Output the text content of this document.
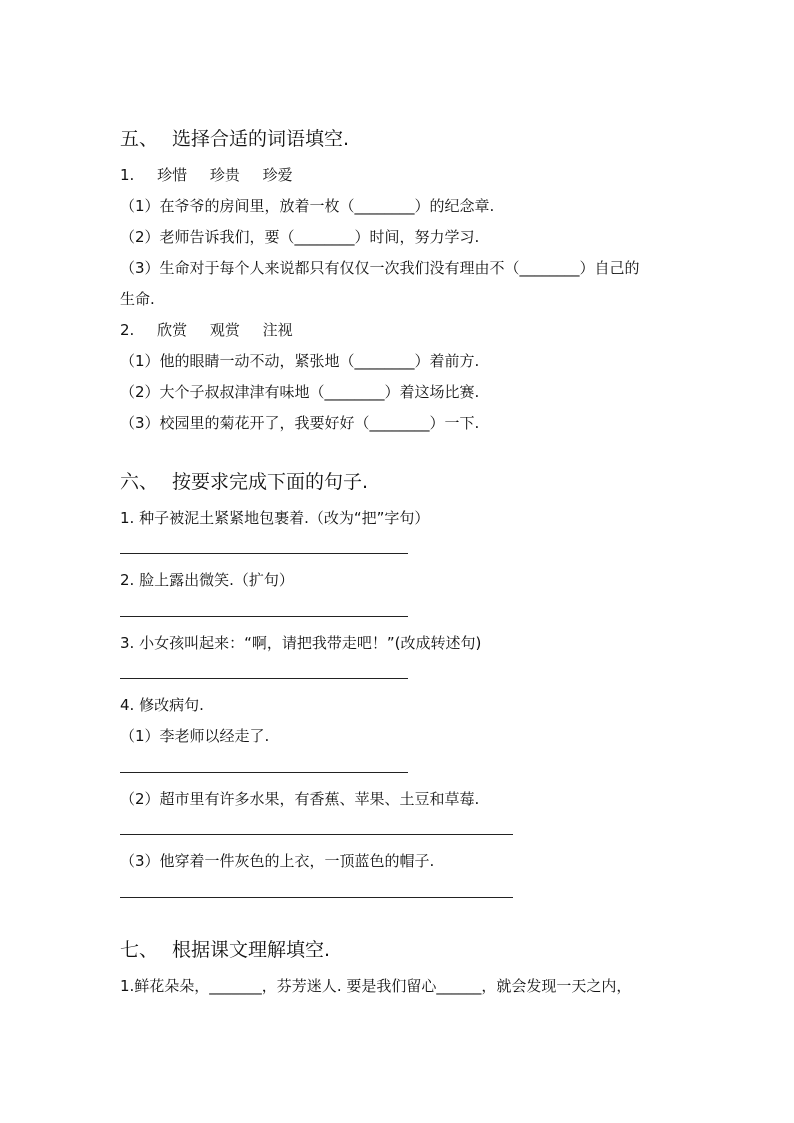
五、 选择合适的词语填空.
1. 珍惜 珍贵 珍爱
（1）在爷爷的房间里，放着一枚（________）的纪念章.
（2）老师告诉我们，要（________）时间，努力学习.
（3）生命对于每个人来说都只有仅仅一次我们没有理由不（________）自己的
生命.
2. 欣赏 观赏 注视
（1）他的眼睛一动不动，紧张地（________）着前方.
（2）大个子叔叔津津有味地（________）着这场比赛.
（3）校园里的菊花开了，我要好好（________）一下.
六、 按要求完成下面的句子.
1. 种子被泥土紧紧地包裹着.（改为“把”字句）
2. 脸上露出微笑.（扩句）
3. 小女孩叫起来：“啊，请把我带走吧！”(改成转述句)
4. 修改病句.
（1）李老师以经走了.
（2）超市里有许多水果，有香蕉、苹果、土豆和草莓.
（3）他穿着一件灰色的上衣，一顶蓝色的帽子.
七、 根据课文理解填空.
1.鲜花朵朵，_______，芬芳迷人. 要是我们留心______，就会发现一天之内，
